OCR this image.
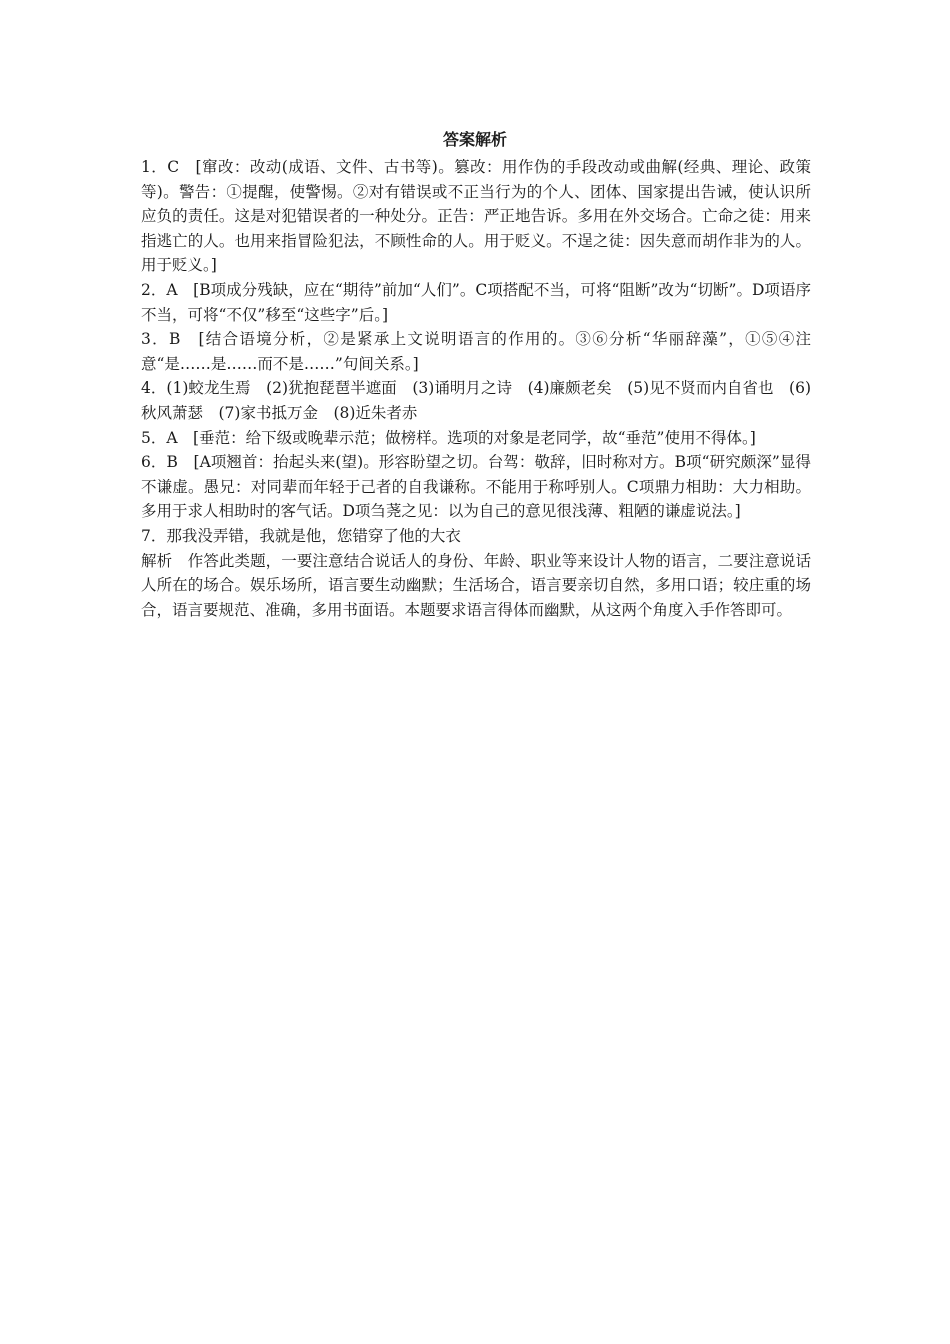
答案解析

1．C　[窜改：改动(成语、文件、古书等)。篡改：用作伪的手段改动或曲解(经典、理论、政策等)。警告：①提醒，使警惕。②对有错误或不正当行为的个人、团体、国家提出告诫，使认识所应负的责任。这是对犯错误者的一种处分。正告：严正地告诉。多用在外交场合。亡命之徒：用来指逃亡的人。也用来指冒险犯法，不顾性命的人。用于贬义。不逞之徒：因失意而胡作非为的人。用于贬义。]

2．A　[B项成分残缺，应在“期待”前加“人们”。C项搭配不当，可将“阻断”改为“切断”。D项语序不当，可将“不仅”移至“这些字”后。]

3．B　[结合语境分析，②是紧承上文说明语言的作用的。③⑥分析“华丽辞藻”，①⑤④注意“是……是……而不是……”句间关系。]

4．(1)蛟龙生焉　(2)犹抱琵琶半遮面　(3)诵明月之诗　(4)廉颇老矣　(5)见不贤而内自省也　(6)秋风萧瑟　(7)家书抵万金　(8)近朱者赤

5．A　[垂范：给下级或晚辈示范；做榜样。选项的对象是老同学，故“垂范”使用不得体。]

6．B　[A项翘首：抬起头来(望)。形容盼望之切。台驾：敬辞，旧时称对方。B项“研究颇深”显得不谦虚。愚兄：对同辈而年轻于己者的自我谦称。不能用于称呼别人。C项鼎力相助：大力相助。多用于求人相助时的客气话。D项刍荛之见：以为自己的意见很浅薄、粗陋的谦虚说法。]

7．那我没弄错，我就是他，您错穿了他的大衣

解析　作答此类题，一要注意结合说话人的身份、年龄、职业等来设计人物的语言，二要注意说话人所在的场合。娱乐场所，语言要生动幽默；生活场合，语言要亲切自然，多用口语；较庄重的场合，语言要规范、准确，多用书面语。本题要求语言得体而幽默，从这两个角度入手作答即可。
